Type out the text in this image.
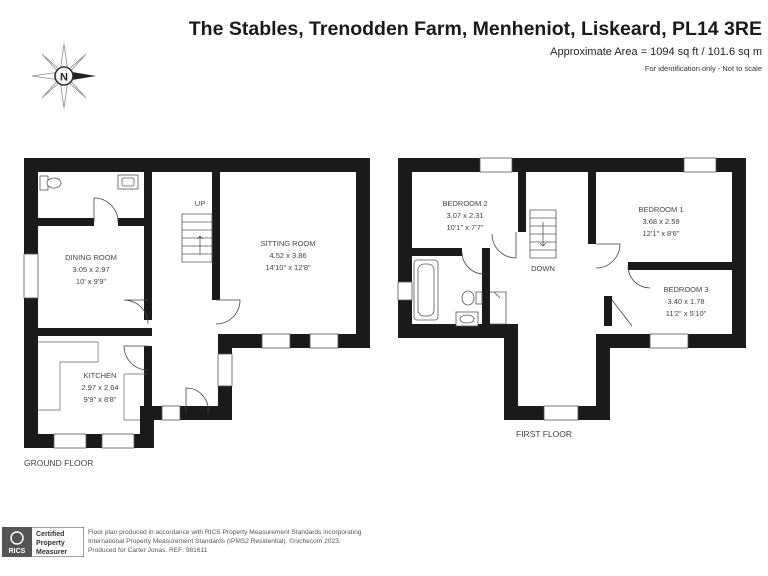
The Stables, Trenodden Farm, Menheniot, Liskeard, PL14 3RE
Approximate Area = 1094 sq ft / 101.6 sq m
For identification only - Not to scale
N
DINING ROOM
3.05 x 2.97
10' x 9'9"
SITTING ROOM
4.52 x 3.86
14'10" x 12'8"
KITCHEN
2.97 x 2.64
9'9" x 8'8"
UP	BEDROOM 2
3.07 x 2.31
10'1" x 7'7"
BEDROOM 1
3.68 x 2.59
12'1" x 8'6"
BEDROOM 3
3.40 x 1.78
11'2" x 5'10"
DOWN
GROUND FLOOR
FIRST FLOOR
RICS
Certified
Property
Measurer
Floor plan produced in accordance with RICS Property Measurement Standards incorporating
International Property Measurement Standards (IPMS2 Residential). ©nichecom 2023.
Produced for Carter Jonas. REF: 981611
